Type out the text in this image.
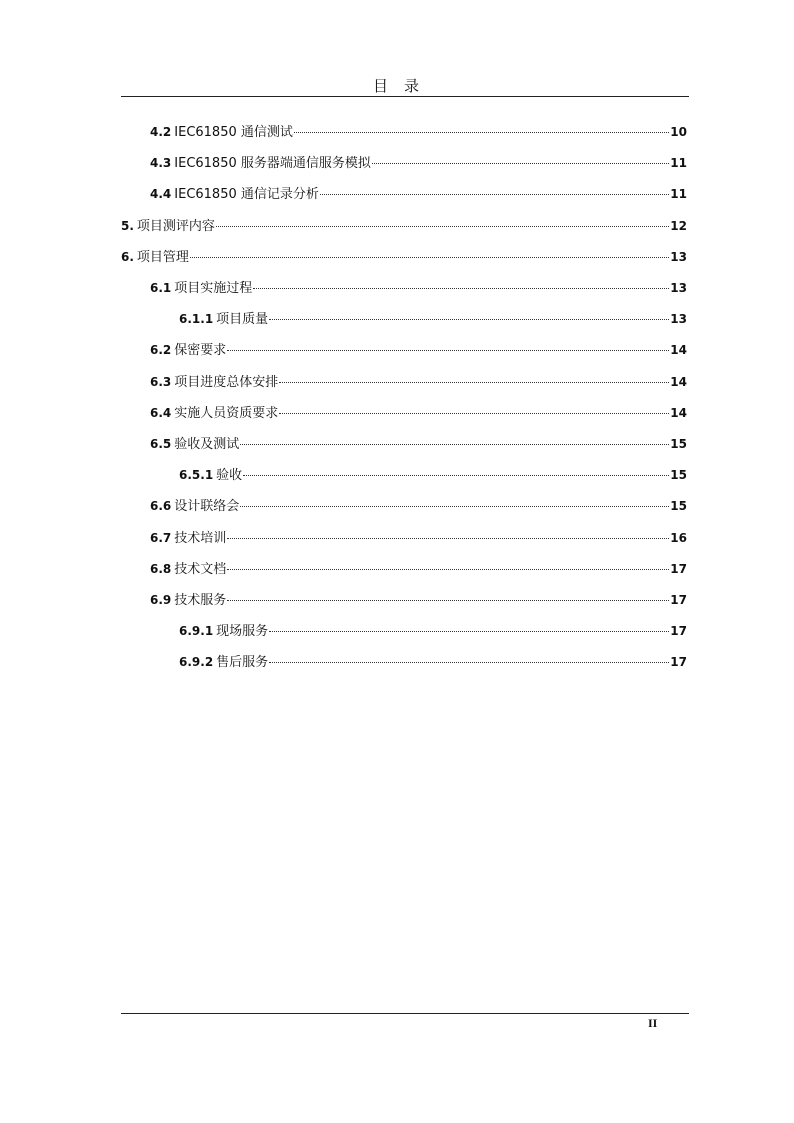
目 录
4.2 IEC61850 通信测试	10
4.3 IEC61850 服务器端通信服务模拟	11
4.4 IEC61850 通信记录分析	11
5. 项目测评内容	12
6. 项目管理	13
6.1 项目实施过程	13
6.1.1 项目质量	13
6.2 保密要求	14
6.3 项目进度总体安排	14
6.4 实施人员资质要求	14
6.5 验收及测试	15
6.5.1 验收	15
6.6 设计联络会	15
6.7 技术培训	16
6.8 技术文档	17
6.9 技术服务	17
6.9.1 现场服务	17
6.9.2 售后服务	17
II
